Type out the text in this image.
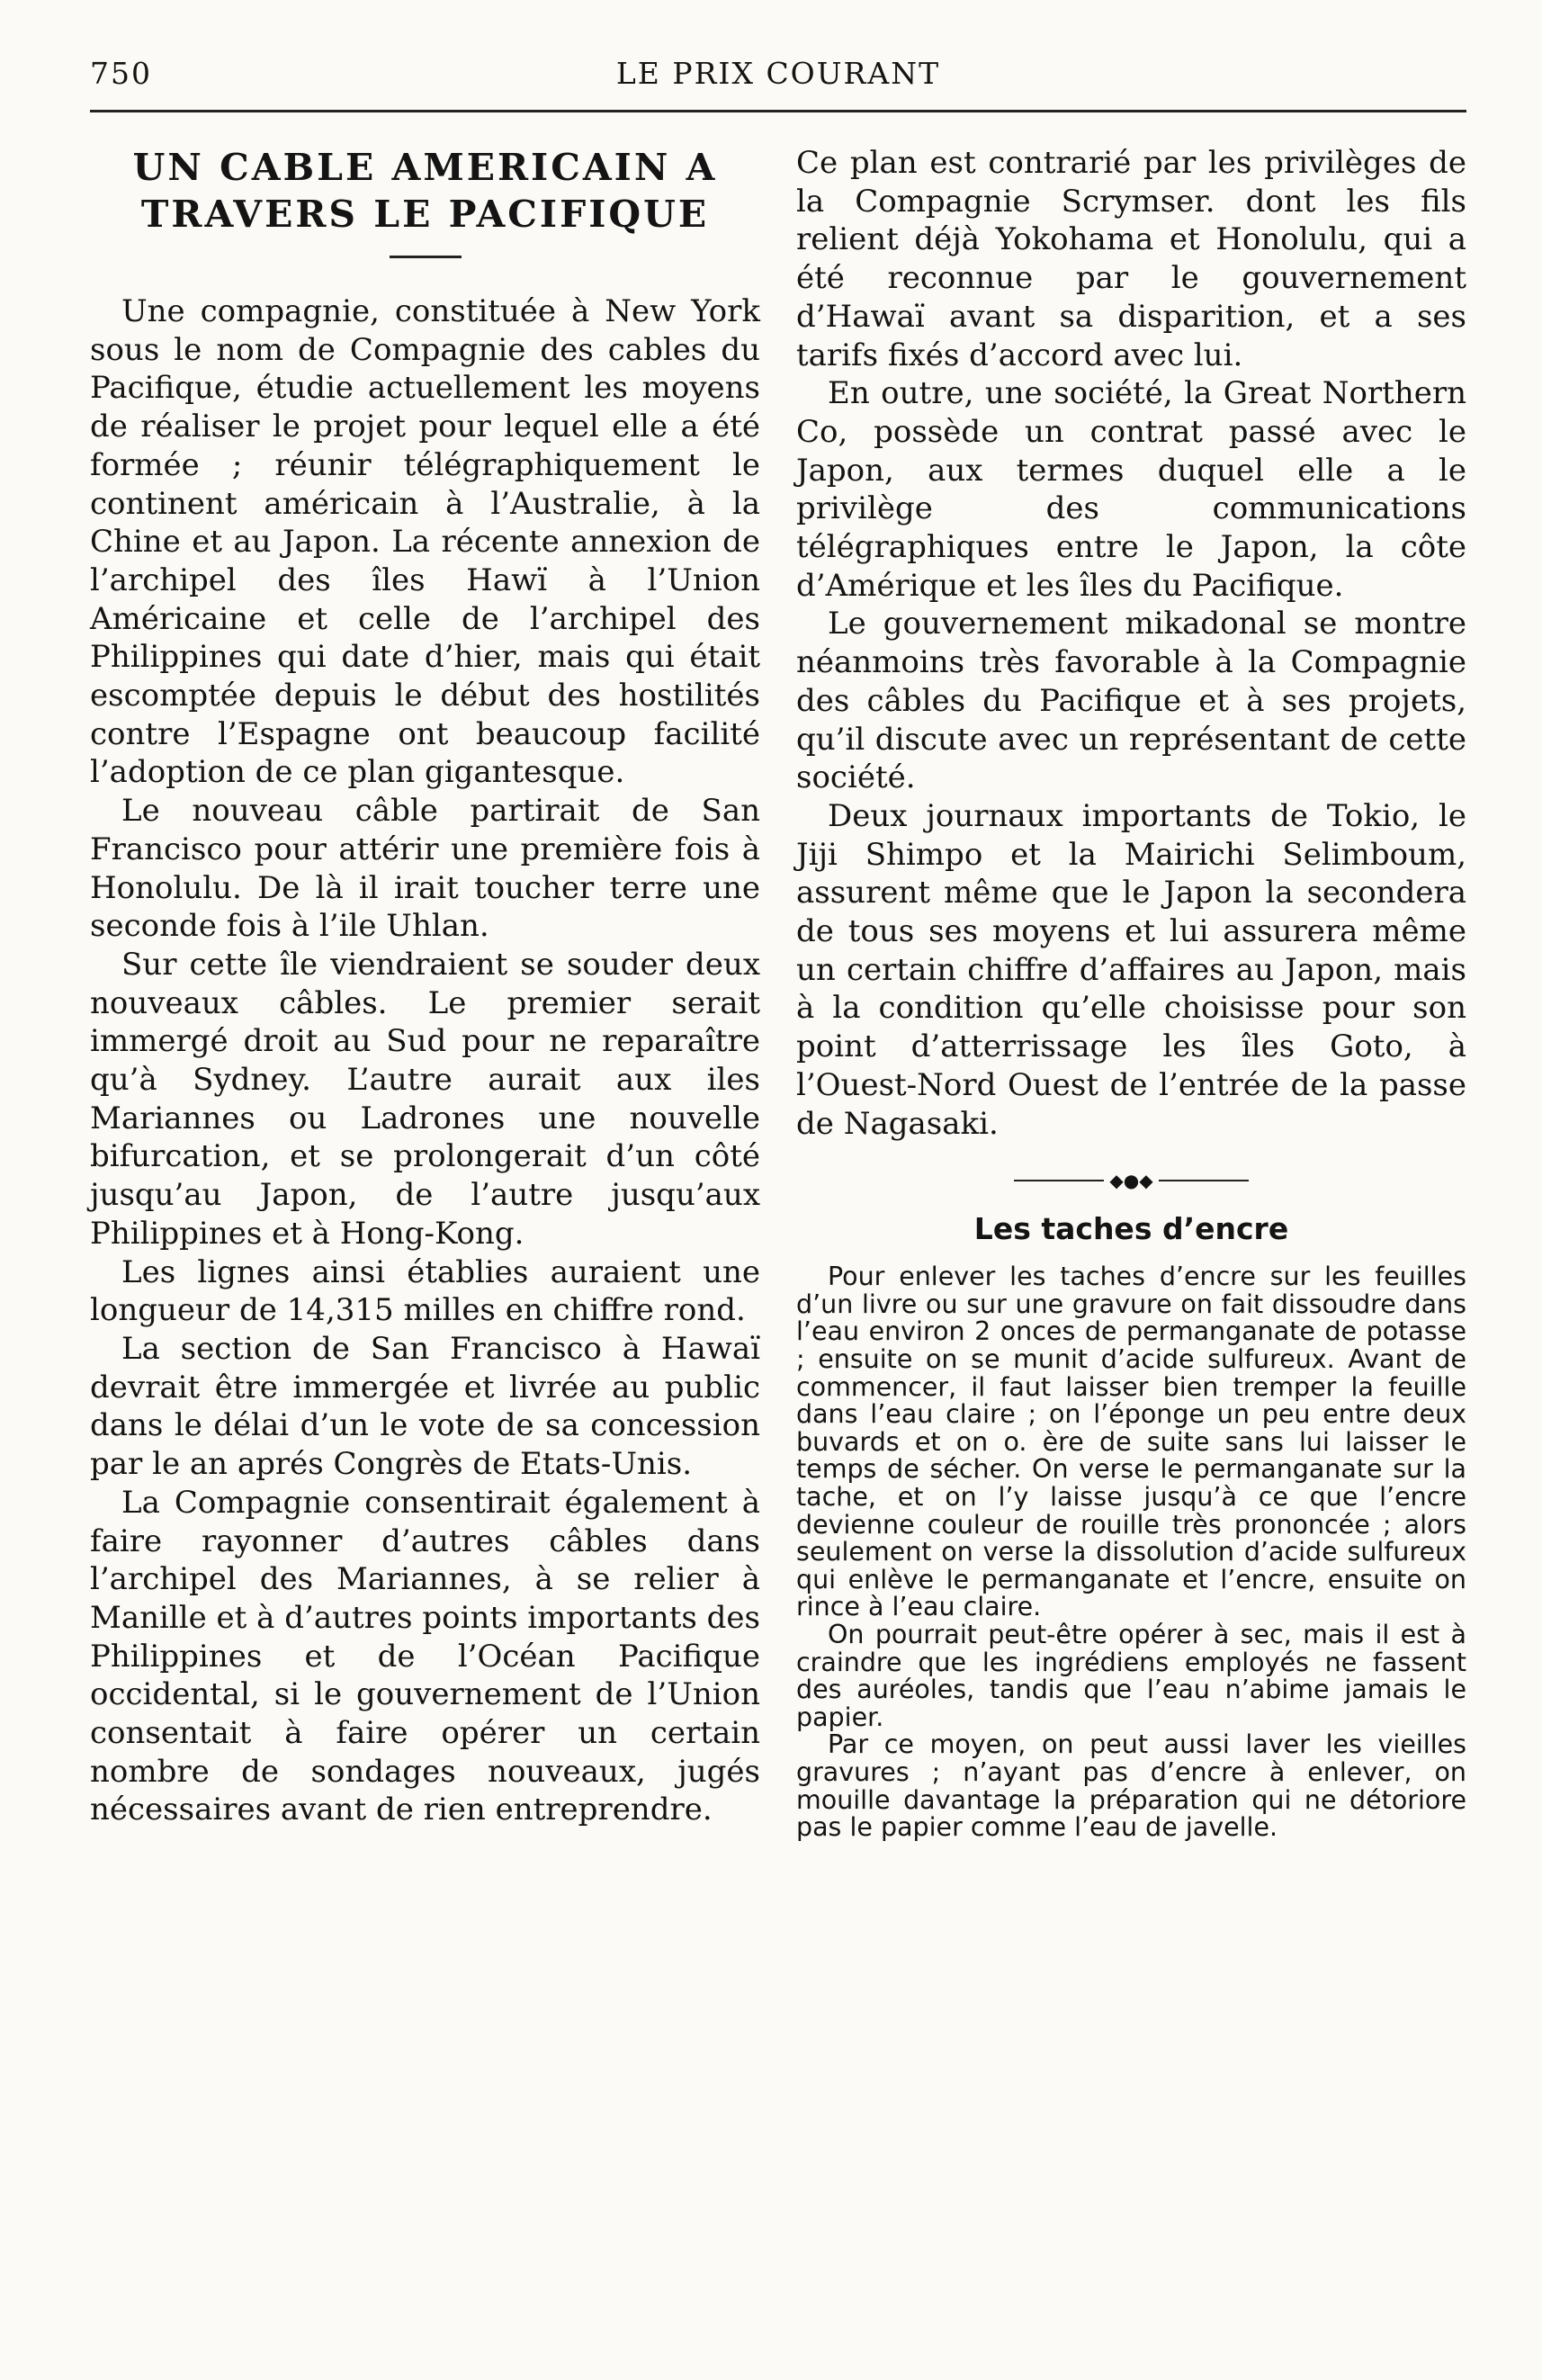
750	LE PRIX COURANT
UN CABLE AMERICAIN A TRAVERS LE PACIFIQUE

Une compagnie, constituée à New York sous le nom de Compagnie des cables du Pacifique, étudie actuellement les moyens de réaliser le projet pour lequel elle a été formée ; réunir télégraphiquement le continent américain à l’Australie, à la Chine et au Japon. La récente annexion de l’archipel des îles Hawï à l’Union Américaine et celle de l’archipel des Philippines qui date d’hier, mais qui était escomptée depuis le début des hostilités contre l’Espagne ont beaucoup facilité l’adoption de ce plan gigantesque.

Le nouveau câble partirait de San Francisco pour attérir une première fois à Honolulu. De là il irait toucher terre une seconde fois à l’ile Uhlan.

Sur cette île viendraient se souder deux nouveaux câbles. Le premier serait immergé droit au Sud pour ne reparaître qu’à Sydney. L’autre aurait aux iles Mariannes ou Ladrones une nouvelle bifurcation, et se prolongerait d’un côté jusqu’au Japon, de l’autre jusqu’aux Philippines et à Hong-Kong.

Les lignes ainsi établies auraient une longueur de 14,315 milles en chiffre rond.

La section de San Francisco à Hawaï devrait être immergée et livrée au public dans le délai d’un le vote de sa concession par le an aprés Congrès de Etats-Unis.

La Compagnie consentirait également à faire rayonner d’autres câbles dans l’archipel des Mariannes, à se relier à Manille et à d’autres points importants des Philippines et de l’Océan Pacifique occidental, si le gouvernement de l’Union consentait à faire opérer un certain nombre de sondages nouveaux, jugés nécessaires avant de rien entreprendre.

Ce plan est contrarié par les privilèges de la Compagnie Scrymser. dont les fils relient déjà Yokohama et Honolulu, qui a été reconnue par le gouvernement d’Hawaï avant sa disparition, et a ses tarifs fixés d’accord avec lui.

En outre, une société, la Great Northern Co, possède un contrat passé avec le Japon, aux termes duquel elle a le privilège des communications télégraphiques entre le Japon, la côte d’Amérique et les îles du Pacifique.

Le gouvernement mikadonal se montre néanmoins très favorable à la Compagnie des câbles du Pacifique et à ses projets, qu’il discute avec un représentant de cette société.

Deux journaux importants de Tokio, le Jiji Shimpo et la Mairichi Selimboum, assurent même que le Japon la secondera de tous ses moyens et lui assurera même un certain chiffre d’affaires au Japon, mais à la condition qu’elle choisisse pour son point d’atterrissage les îles Goto, à l’Ouest-Nord Ouest de l’entrée de la passe de Nagasaki.

◆●◆
Les taches d’encre

Pour enlever les taches d’encre sur les feuilles d’un livre ou sur une gravure on fait dissoudre dans l’eau environ 2 onces de permanganate de potasse ; ensuite on se munit d’acide sulfureux. Avant de commencer, il faut laisser bien tremper la feuille dans l’eau claire ; on l’éponge un peu entre deux buvards et on o. ère de suite sans lui laisser le temps de sécher. On verse le permanganate sur la tache, et on l’y laisse jusqu’à ce que l’encre devienne couleur de rouille très prononcée ; alors seulement on verse la dissolution d’acide sulfureux qui enlève le permanganate et l’encre, ensuite on rince à l’eau claire.

On pourrait peut-être opérer à sec, mais il est à craindre que les ingrédiens employés ne fassent des auréoles, tandis que l’eau n’abime jamais le papier.

Par ce moyen, on peut aussi laver les vieilles gravures ; n’ayant pas d’encre à enlever, on mouille davantage la préparation qui ne détoriore pas le papier comme l’eau de javelle.
